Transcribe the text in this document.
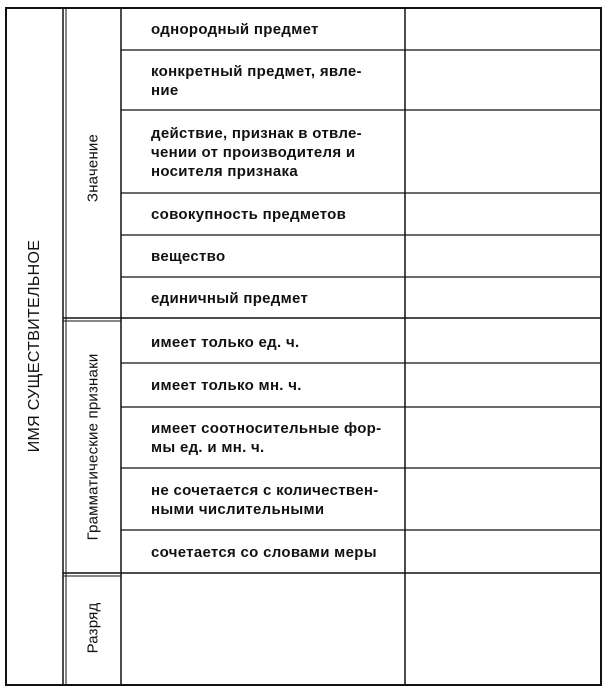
ИМЯ СУЩЕСТВИТЕЛЬНОЕ
Значение
Грамматические признаки
Разряд
однородный предмет
конкретный предмет, явле-
ние
действие, признак в отвле-
чении от производителя и
носителя признака
совокупность предметов
вещество
единичный предмет
имеет только ед. ч.
имеет только мн. ч.
имеет соотносительные фор-
мы ед. и мн. ч.
не сочетается с количествен-
ными числительными
сочетается со словами меры
